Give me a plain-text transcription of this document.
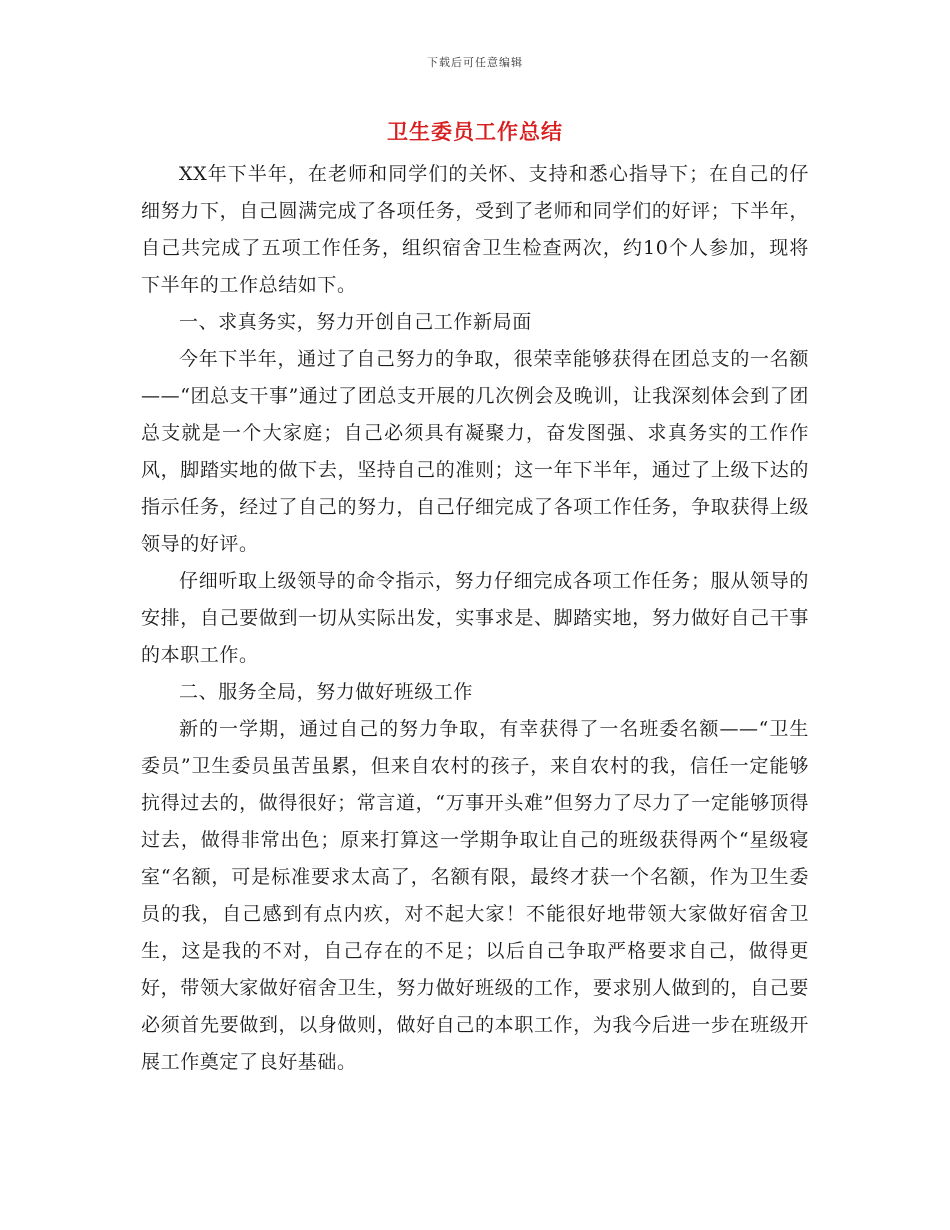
下载后可任意编辑
卫生委员工作总结

XX年下半年，在老师和同学们的关怀、支持和悉心指导下；在自己的仔细努力下，自己圆满完成了各项任务，受到了老师和同学们的好评；下半年，自己共完成了五项工作任务，组织宿舍卫生检查两次，约10个人参加，现将下半年的工作总结如下。

一、求真务实，努力开创自己工作新局面

今年下半年，通过了自己努力的争取，很荣幸能够获得在团总支的一名额——“团总支干事”通过了团总支开展的几次例会及晚训，让我深刻体会到了团总支就是一个大家庭；自己必须具有凝聚力，奋发图强、求真务实的工作作风，脚踏实地的做下去，坚持自己的准则；这一年下半年，通过了上级下达的指示任务，经过了自己的努力，自己仔细完成了各项工作任务，争取获得上级领导的好评。

仔细听取上级领导的命令指示，努力仔细完成各项工作任务；服从领导的安排，自己要做到一切从实际出发，实事求是、脚踏实地，努力做好自己干事的本职工作。

二、服务全局，努力做好班级工作

新的一学期，通过自己的努力争取，有幸获得了一名班委名额——“卫生委员”卫生委员虽苦虽累，但来自农村的孩子，来自农村的我，信任一定能够抗得过去的，做得很好；常言道，“万事开头难”但努力了尽力了一定能够顶得过去，做得非常出色；原来打算这一学期争取让自己的班级获得两个“星级寝室“名额，可是标准要求太高了，名额有限，最终才获一个名额，作为卫生委员的我，自己感到有点内疚，对不起大家！不能很好地带领大家做好宿舍卫生，这是我的不对，自己存在的不足；以后自己争取严格要求自己，做得更好，带领大家做好宿舍卫生，努力做好班级的工作，要求别人做到的，自己要必须首先要做到，以身做则，做好自己的本职工作，为我今后进一步在班级开展工作奠定了良好基础。
